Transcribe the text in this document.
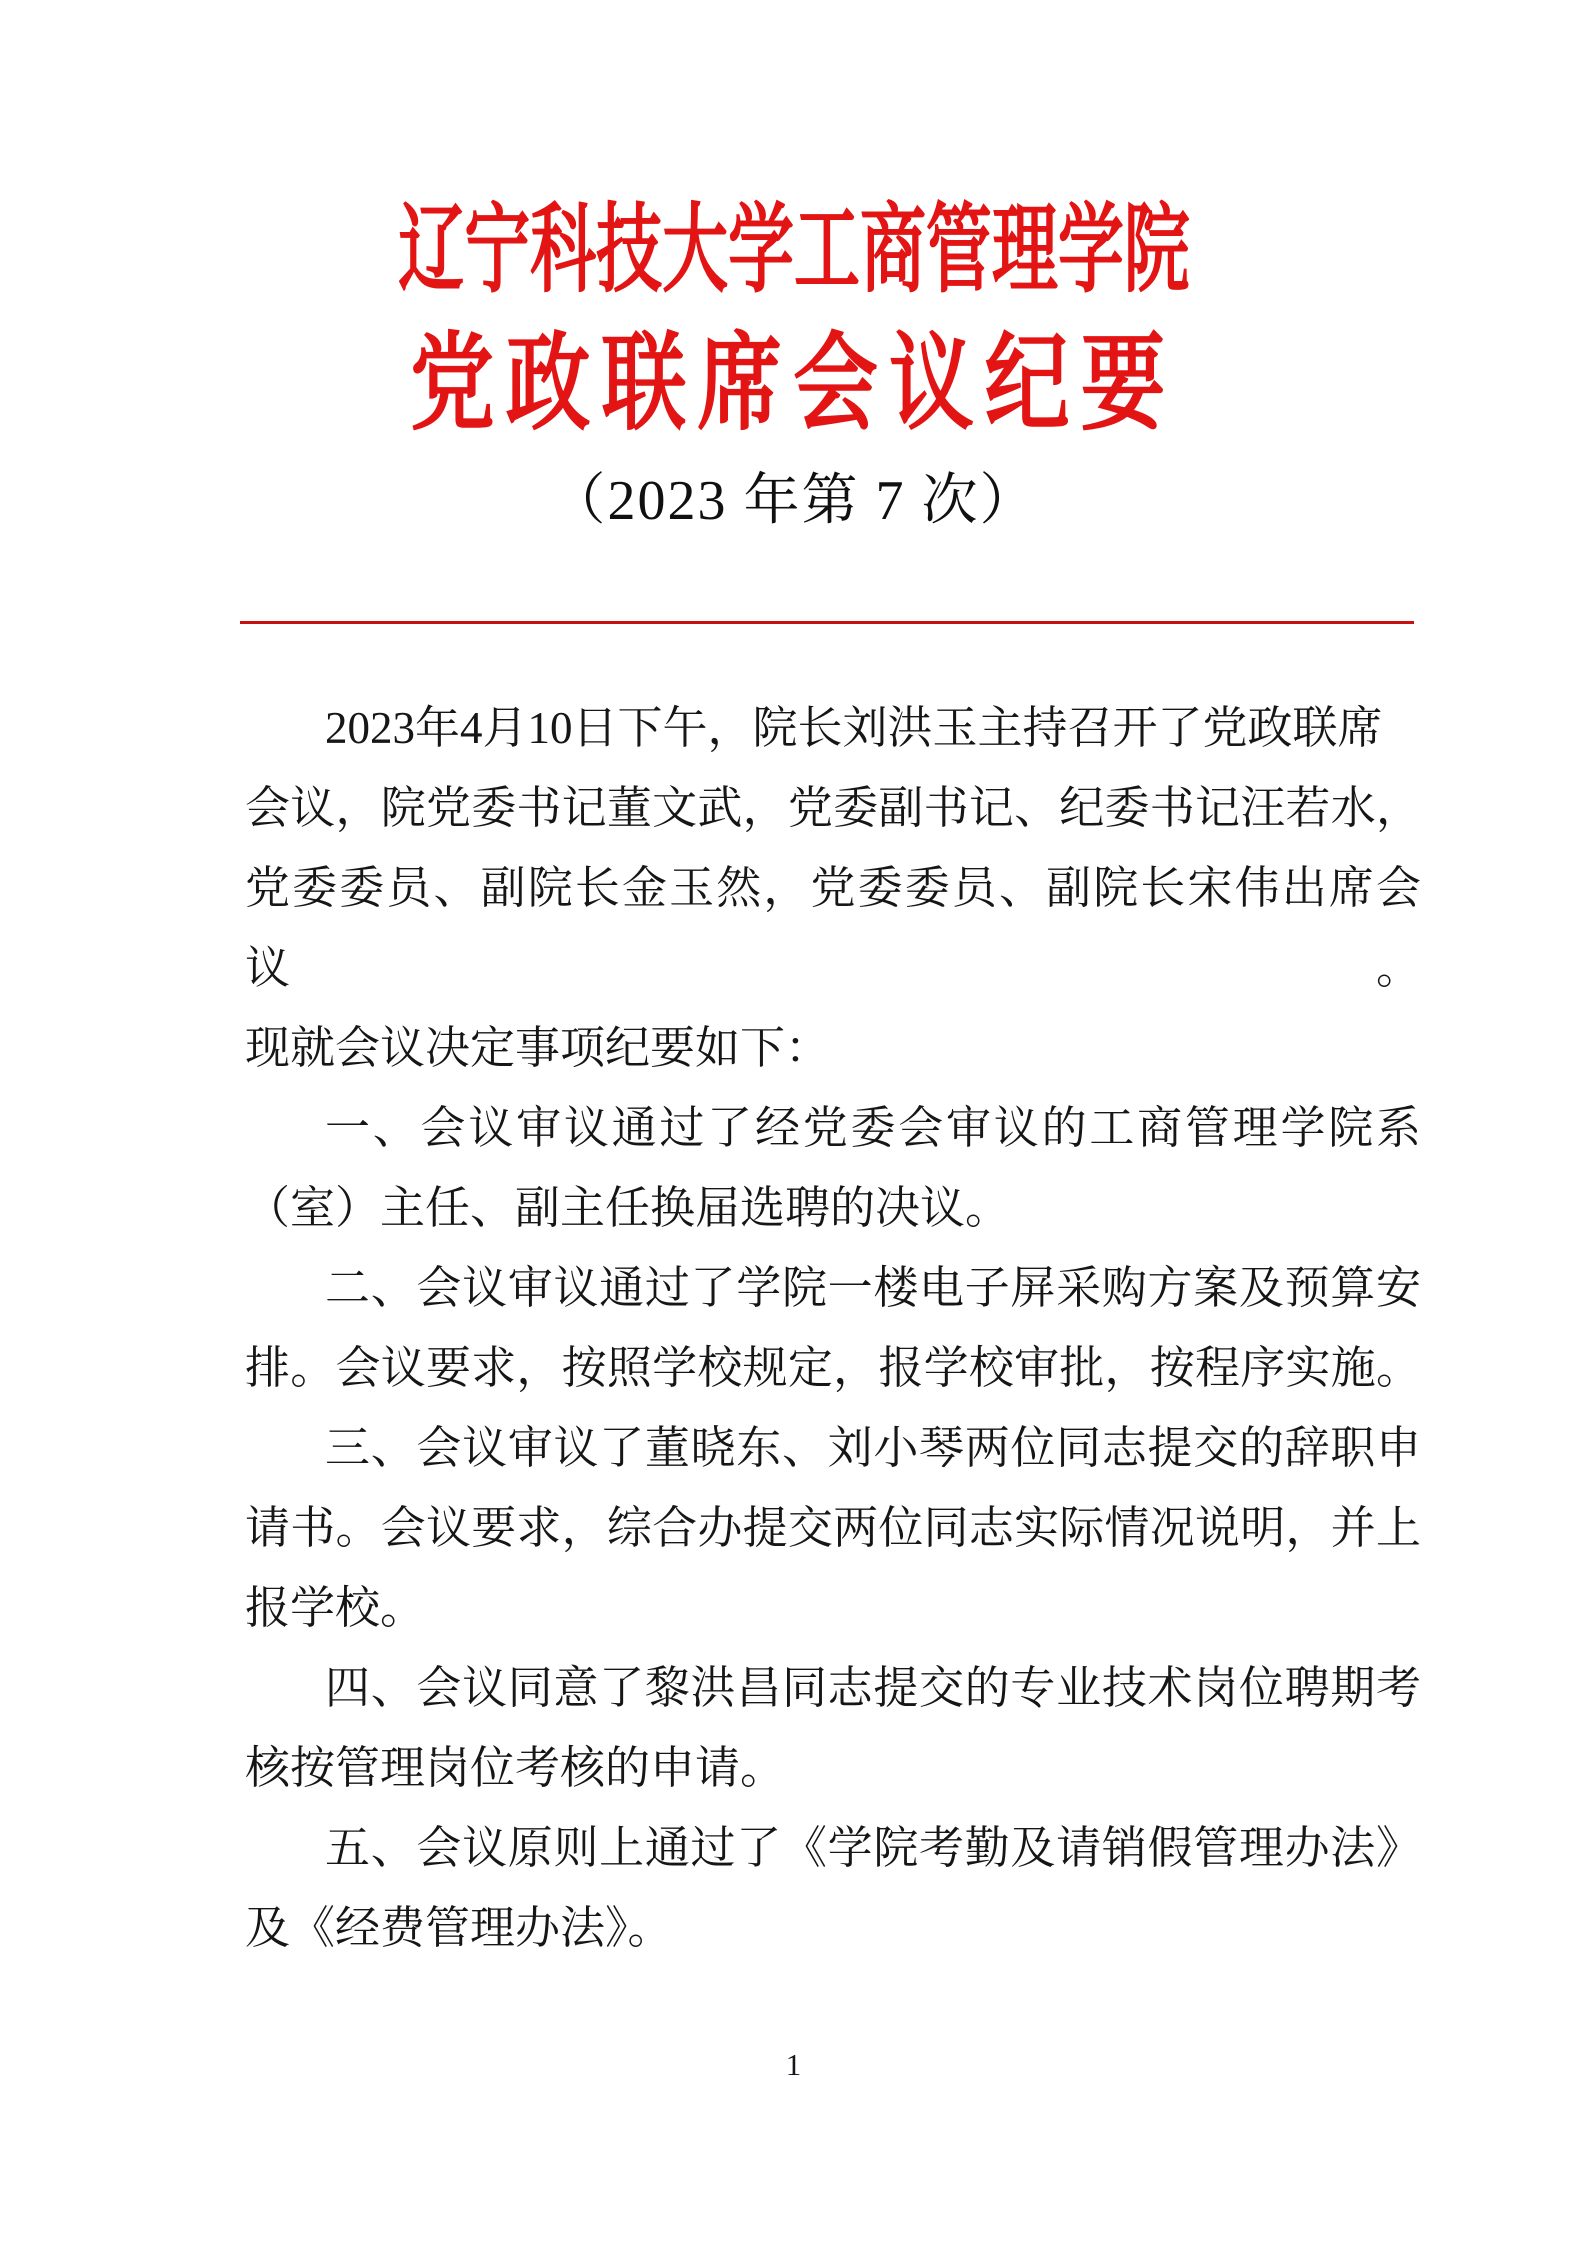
辽宁科技大学工商管理学院
党政联席会议纪要
（2023 年第 7 次）
2023年4月10日下午，院长刘洪玉主持召开了党政联席
会议，院党委书记董文武，党委副书记、纪委书记汪若水，
党委委员、副院长金玉然，党委委员、副院长宋伟出席会议。
现就会议决定事项纪要如下：
一、会议审议通过了经党委会审议的工商管理学院系
（室）主任、副主任换届选聘的决议。
二、会议审议通过了学院一楼电子屏采购方案及预算安
排。会议要求，按照学校规定，报学校审批，按程序实施。
三、会议审议了董晓东、刘小琴两位同志提交的辞职申
请书。会议要求，综合办提交两位同志实际情况说明，并上
报学校。
四、会议同意了黎洪昌同志提交的专业技术岗位聘期考
核按管理岗位考核的申请。
五、会议原则上通过了《学院考勤及请销假管理办法》
及《经费管理办法》。
1
